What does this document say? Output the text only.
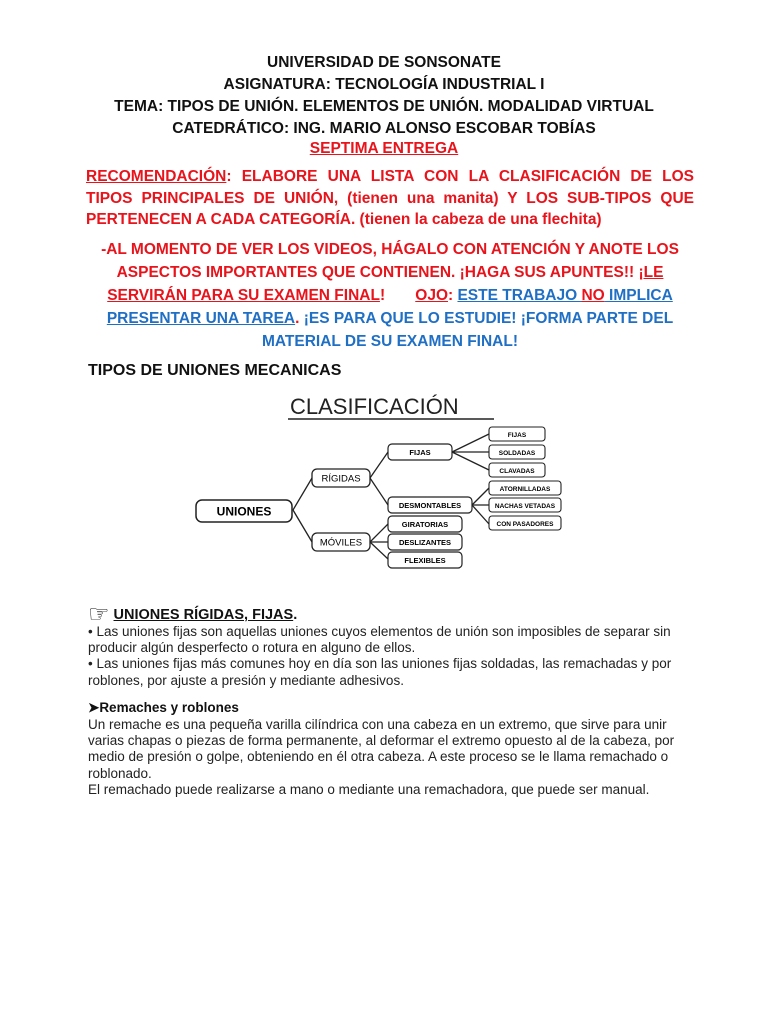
UNIVERSIDAD DE SONSONATE
ASIGNATURA: TECNOLOGÍA INDUSTRIAL I
TEMA: TIPOS DE UNIÓN. ELEMENTOS DE UNIÓN. MODALIDAD VIRTUAL
CATEDRÁTICO: ING. MARIO ALONSO ESCOBAR TOBÍAS
SEPTIMA ENTREGA
RECOMENDACIÓN: ELABORE UNA LISTA CON LA CLASIFICACIÓN DE LOS TIPOS PRINCIPALES DE UNIÓN, (tienen una manita) Y LOS SUB-TIPOS QUE PERTENECEN A CADA CATEGORÍA. (tienen la cabeza de una flechita)
-AL MOMENTO DE VER LOS VIDEOS, HÁGALO CON ATENCIÓN Y ANOTE LOS ASPECTOS IMPORTANTES QUE CONTIENEN. ¡HAGA SUS APUNTES!! ¡LE SERVIRÁN PARA SU EXAMEN FINAL! OJO: ESTE TRABAJO NO IMPLICA PRESENTAR UNA TAREA. ¡ES PARA QUE LO ESTUDIE! ¡FORMA PARTE DEL MATERIAL DE SU EXAMEN FINAL!
TIPOS DE UNIONES MECANICAS
CLASIFICACIÓN
UNIONES
RÍGIDAS
MÓVILES
FIJAS
DESMONTABLES
GIRATORIAS
DESLIZANTES
FLEXIBLES
FIJAS
SOLDADAS
CLAVADAS
ATORNILLADAS
NACHAS VETADAS
CON PASADORES
☞ UNIONES RÍGIDAS, FIJAS.

• Las uniones fijas son aquellas uniones cuyos elementos de unión son imposibles de separar sin producir algún desperfecto o rotura en alguno de ellos.

• Las uniones fijas más comunes hoy en día son las uniones fijas soldadas, las remachadas y por roblones, por ajuste a presión y mediante adhesivos.

➤Remaches y roblones

Un remache es una pequeña varilla cilíndrica con una cabeza en un extremo, que sirve para unir varias chapas o piezas de forma permanente, al deformar el extremo opuesto al de la cabeza, por medio de presión o golpe, obteniendo en él otra cabeza. A este proceso se le llama remachado o roblonado.

El remachado puede realizarse a mano o mediante una remachadora, que puede ser manual.
